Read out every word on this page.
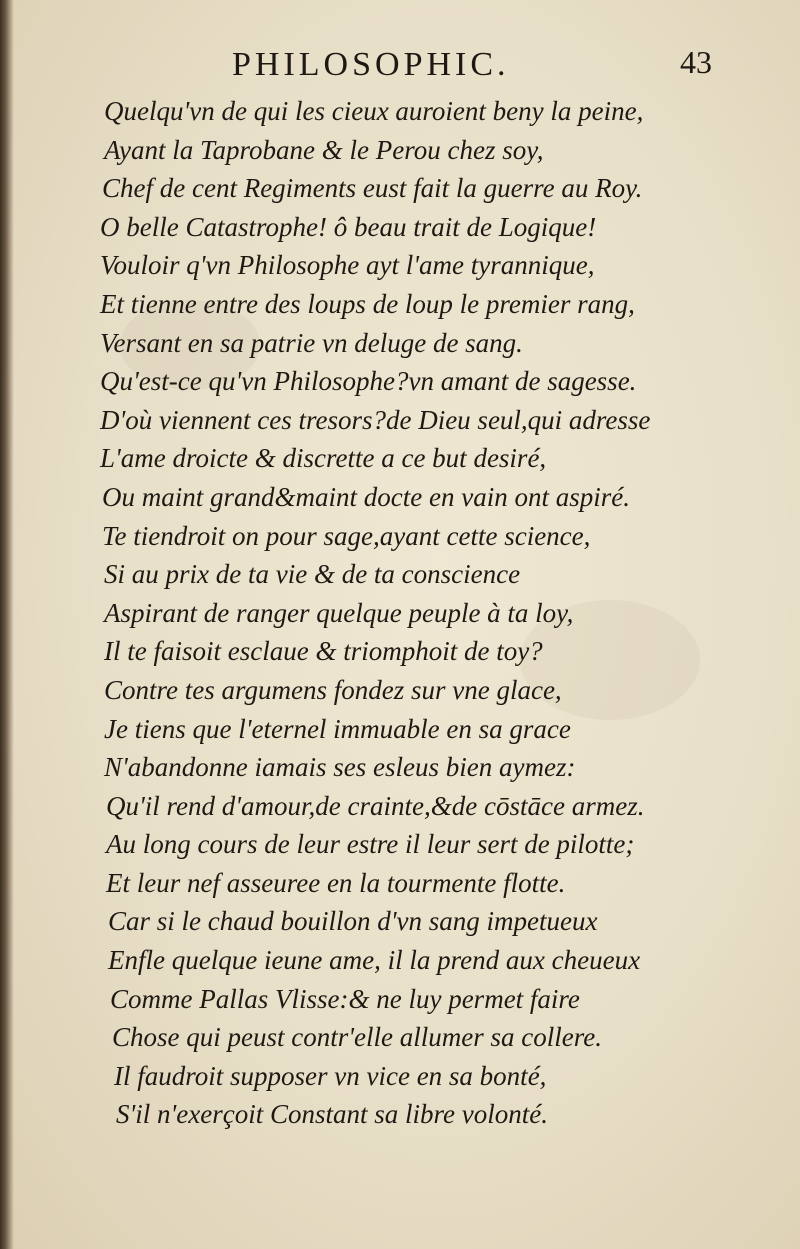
PHILOSOPHIC.	43
Quelqu'vn de qui les cieux auroient beny la peine,
Ayant la Taprobane & le Perou chez soy,
Chef de cent Regiments eust fait la guerre au Roy.
O belle Catastrophe! ô beau trait de Logique!
Vouloir q'vn Philosophe ayt l'ame tyrannique,
Et tienne entre des loups de loup le premier rang,
Versant en sa patrie vn deluge de sang.
Qu'est-ce qu'vn Philosophe?vn amant de sagesse.
D'où viennent ces tresors?de Dieu seul,qui adresse
L'ame droicte & discrette a ce but desiré,
Ou maint grand&maint docte en vain ont aspiré.
Te tiendroit on pour sage,ayant cette science,
Si au prix de ta vie & de ta conscience
Aspirant de ranger quelque peuple à ta loy,
Il te faisoit esclaue & triomphoit de toy?
Contre tes argumens fondez sur vne glace,
Je tiens que l'eternel immuable en sa grace
N'abandonne iamais ses esleus bien aymez:
Qu'il rend d'amour,de crainte,&de cōstāce armez.
Au long cours de leur estre il leur sert de pilotte;
Et leur nef asseuree en la tourmente flotte.
Car si le chaud bouillon d'vn sang impetueux
Enfle quelque ieune ame, il la prend aux cheueux
Comme Pallas Vlisse:& ne luy permet faire
Chose qui peust contr'elle allumer sa collere.
Il faudroit supposer vn vice en sa bonté,
S'il n'exerçoit Constant sa libre volonté.
